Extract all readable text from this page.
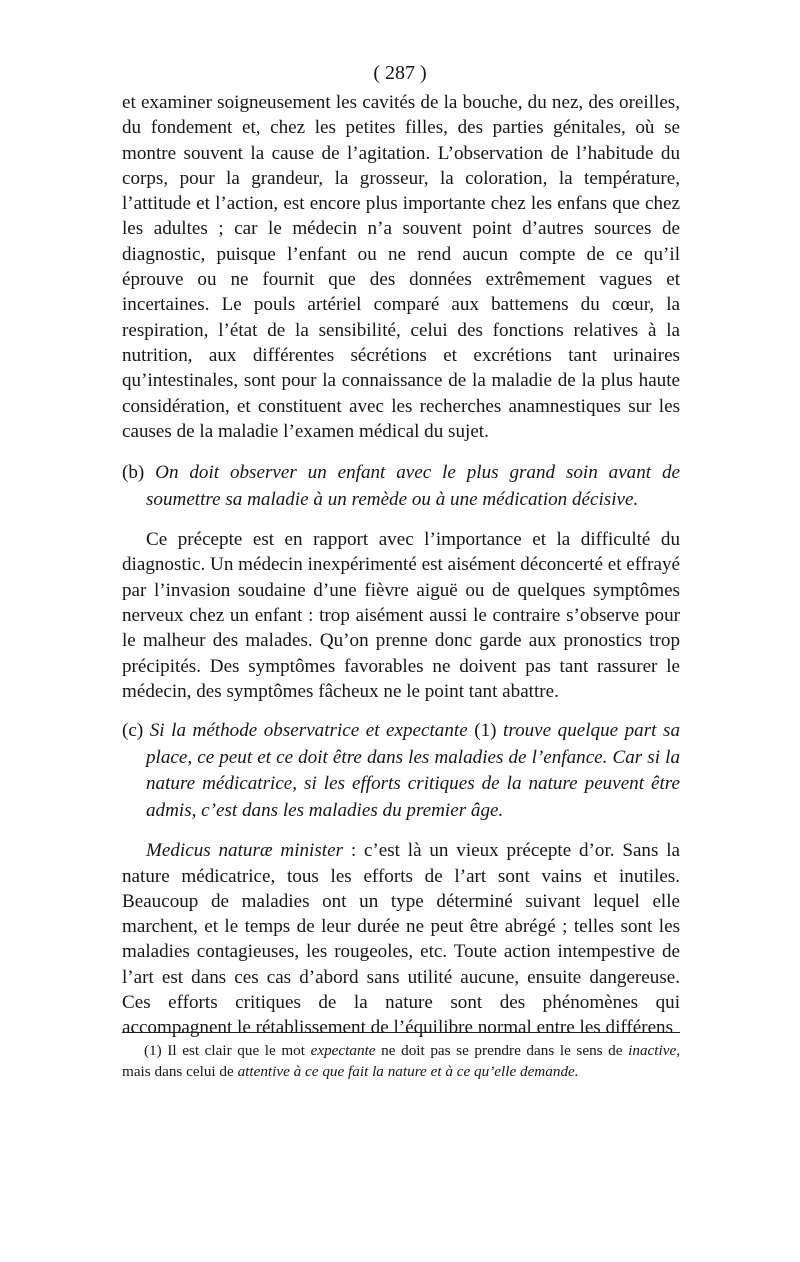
( 287 )

et examiner soigneusement les cavités de la bouche, du nez, des oreilles, du fondement et, chez les petites filles, des parties génitales, où se montre souvent la cause de l’agitation. L’observation de l’habitude du corps, pour la grandeur, la grosseur, la coloration, la température, l’attitude et l’action, est encore plus importante chez les enfans que chez les adultes ; car le médecin n’a souvent point d’autres sources de diagnostic, puisque l’enfant ou ne rend aucun compte de ce qu’il éprouve ou ne fournit que des données extrêmement vagues et incertaines. Le pouls artériel comparé aux battemens du cœur, la respiration, l’état de la sensibilité, celui des fonctions relatives à la nutrition, aux différentes sécrétions et excrétions tant urinaires qu’intestinales, sont pour la connaissance de la maladie de la plus haute considération, et constituent avec les recherches anamnestiques sur les causes de la maladie l’examen médical du sujet.

(b) On doit observer un enfant avec le plus grand soin avant de soumettre sa maladie à un remède ou à une médication décisive.

Ce précepte est en rapport avec l’importance et la difficulté du diagnostic. Un médecin inexpérimenté est aisément déconcerté et effrayé par l’invasion soudaine d’une fièvre aiguë ou de quelques symptômes nerveux chez un enfant : trop aisément aussi le contraire s’observe pour le malheur des malades. Qu’on prenne donc garde aux pronostics trop précipités. Des symptômes favorables ne doivent pas tant rassurer le médecin, des symptômes fâcheux ne le point tant abattre.

(c) Si la méthode observatrice et expectante (1) trouve quelque part sa place, ce peut et ce doit être dans les maladies de l’enfance. Car si la nature médicatrice, si les efforts critiques de la nature peuvent être admis, c’est dans les maladies du premier âge.

Medicus naturæ minister : c’est là un vieux précepte d’or. Sans la nature médicatrice, tous les efforts de l’art sont vains et inutiles. Beaucoup de maladies ont un type déterminé suivant lequel elle marchent, et le temps de leur durée ne peut être abrégé ; telles sont les maladies contagieuses, les rougeoles, etc. Toute action intempestive de l’art est dans ces cas d’abord sans utilité aucune, ensuite dangereuse. Ces efforts critiques de la nature sont des phénomènes qui accompagnent le rétablissement de l’équilibre normal entre les différens

(1) Il est clair que le mot expectante ne doit pas se prendre dans le sens de inactive, mais dans celui de attentive à ce que fait la nature et à ce qu’elle demande.
